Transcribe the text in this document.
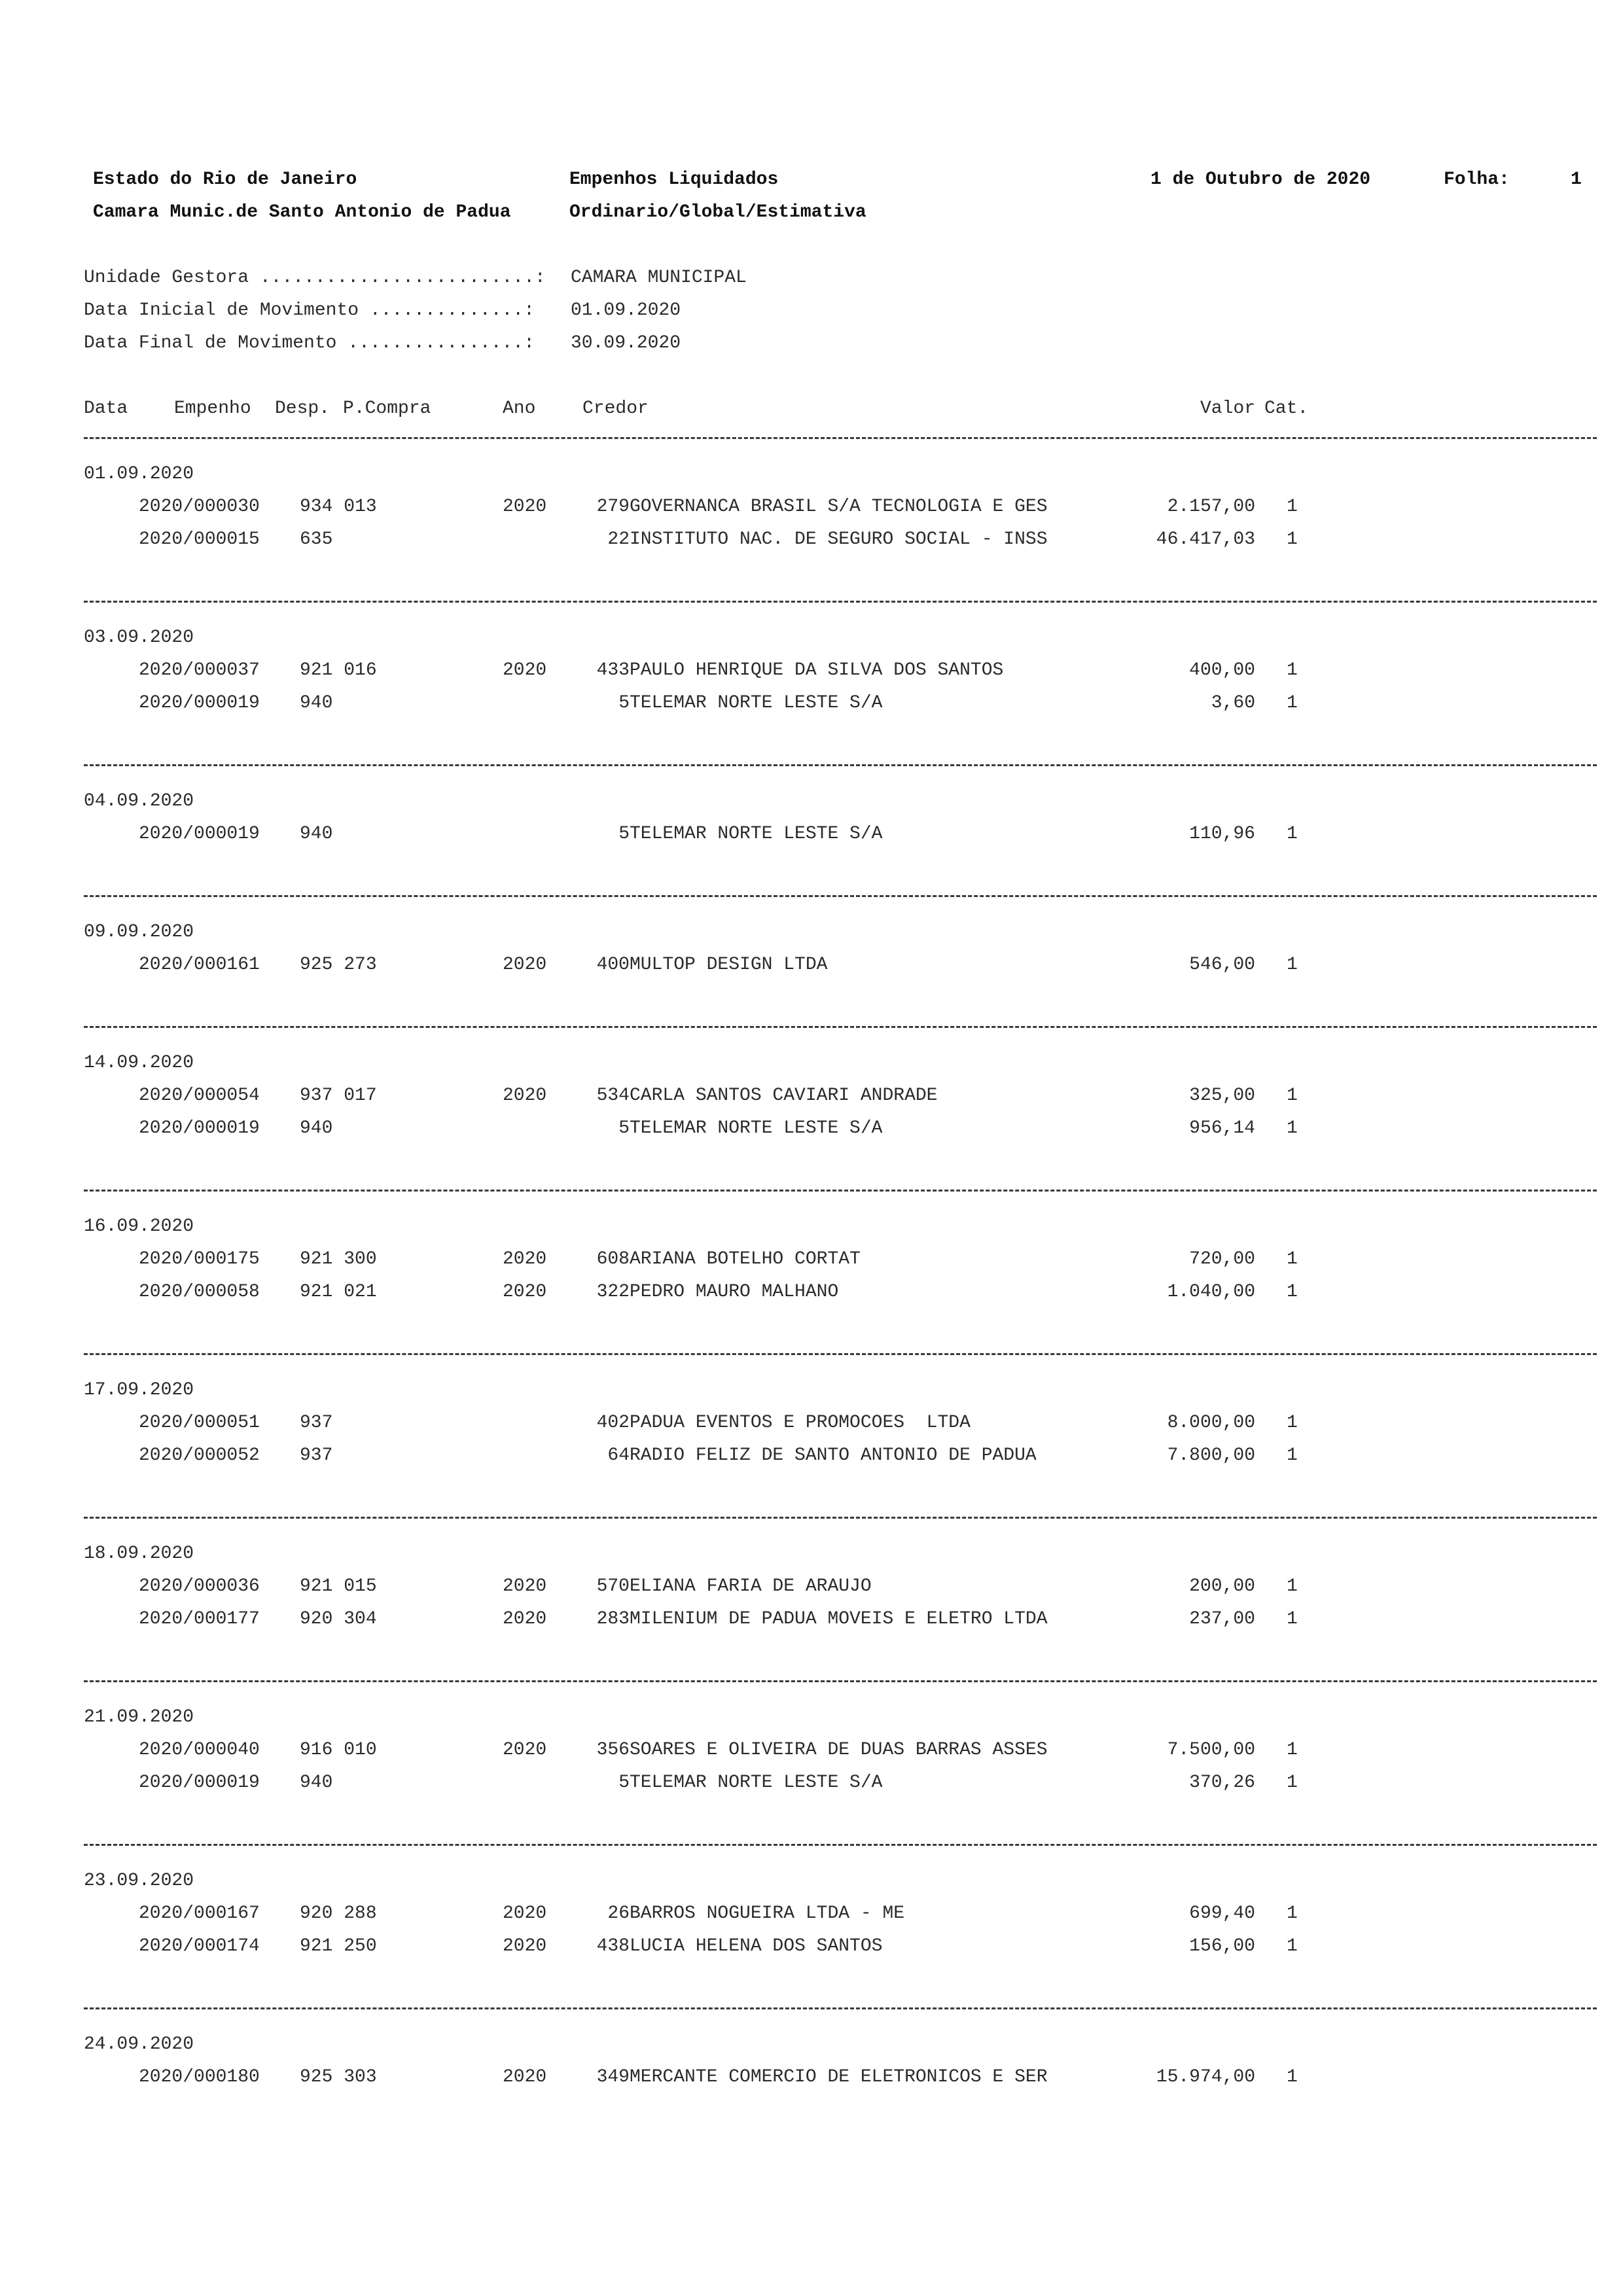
Estado do Rio de Janeiro	Empenhos Liquidados	1 de Outubro de 2020	Folha:	1
Camara Munic.de Santo Antonio de Padua	Ordinario/Global/Estimativa
Unidade Gestora .........................: CAMARA MUNICIPAL
Data Inicial de Movimento ..............: 01.09.2020
Data Final de Movimento ................: 30.09.2020
Data	Empenho Desp. P.Compra	Ano	Credor	Valor Cat.
01.09.2020
2020/000030 934 013	2020	279 GOVERNANCA BRASIL S/A TECNOLOGIA E GES	2.157,00 1
2020/000015 635	22 INSTITUTO NAC. DE SEGURO SOCIAL - INSS	46.417,03 1
03.09.2020
2020/000037 921 016	2020	433 PAULO HENRIQUE DA SILVA DOS SANTOS	400,00 1
2020/000019 940	5 TELEMAR NORTE LESTE S/A	3,60 1
04.09.2020
2020/000019 940	5 TELEMAR NORTE LESTE S/A	110,96 1
09.09.2020
2020/000161 925 273	2020	400 MULTOP DESIGN LTDA	546,00 1
14.09.2020
2020/000054 937 017	2020	534 CARLA SANTOS CAVIARI ANDRADE	325,00 1
2020/000019 940	5 TELEMAR NORTE LESTE S/A	956,14 1
16.09.2020
2020/000175 921 300	2020	608 ARIANA BOTELHO CORTAT	720,00 1
2020/000058 921 021	2020	322 PEDRO MAURO MALHANO	1.040,00 1
17.09.2020
2020/000051 937	402 PADUA EVENTOS E PROMOCOES  LTDA	8.000,00 1
2020/000052 937	64 RADIO FELIZ DE SANTO ANTONIO DE PADUA	7.800,00 1
18.09.2020
2020/000036 921 015	2020	570 ELIANA FARIA DE ARAUJO	200,00 1
2020/000177 920 304	2020	283 MILENIUM DE PADUA MOVEIS E ELETRO LTDA	237,00 1
21.09.2020
2020/000040 916 010	2020	356 SOARES E OLIVEIRA DE DUAS BARRAS ASSES	7.500,00 1
2020/000019 940	5 TELEMAR NORTE LESTE S/A	370,26 1
23.09.2020
2020/000167 920 288	2020	26 BARROS NOGUEIRA LTDA - ME	699,40 1
2020/000174 921 250	2020	438 LUCIA HELENA DOS SANTOS	156,00 1
24.09.2020
2020/000180 925 303	2020	349 MERCANTE COMERCIO DE ELETRONICOS E SER	15.974,00 1
